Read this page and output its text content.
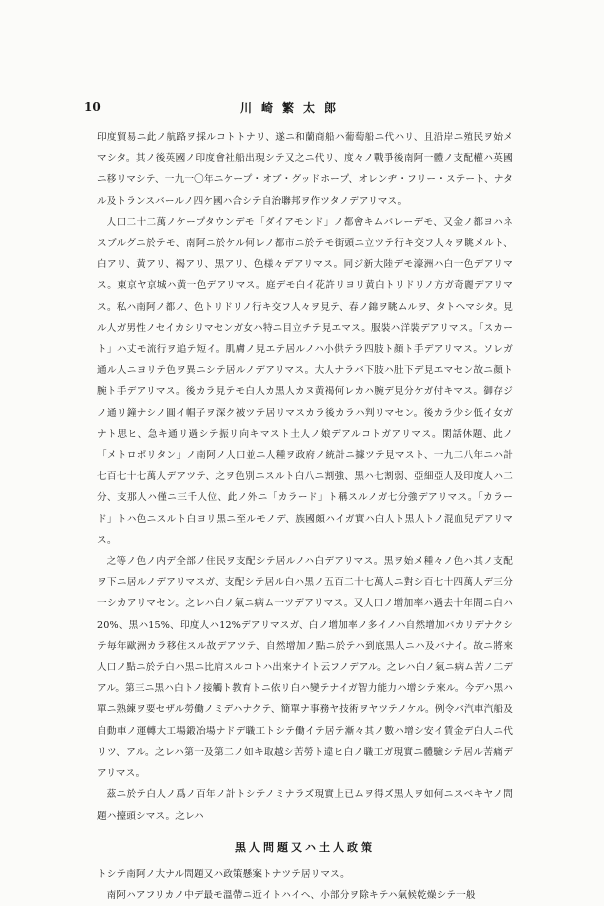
10	川崎繁太郎

印度貿易ニ此ノ航路ヲ採ルコトトナリ、遂ニ和蘭商船ハ葡萄船ニ代ハリ、且沿岸ニ殖民ヲ始メマシタ。其ノ後英國ノ印度會社船出現シテ又之ニ代リ、度々ノ戰爭後南阿一體ノ支配權ハ英國ニ移リマシテ、一九一〇年ニケープ・オブ・グッドホープ、オレンヂ・フリー・ステート、ナタル及トランスバールノ四ケ國ハ合シテ自治聯邦ヲ作ツタノデアリマス。

人口二十二萬ノケープタウンデモ「ダイアモンド」ノ都會キムバレーデモ、又金ノ都ヨハネスブルグニ於テモ、南阿ニ於ケル何レノ都市ニ於テモ街頭ニ立ツテ行キ交フ人々ヲ眺メルト、白アリ、黄アリ、褐アリ、黒アリ、色様々デアリマス。同ジ新大陸デモ濠洲ハ白一色デアリマス。東京ヤ京城ハ黄一色デアリマス。庭デモ白イ花許リヨリ黄白トリドリノ方ガ奇麗デアリマス。私ハ南阿ノ都ノ、色トリドリノ行キ交フ人々ヲ見テ、春ノ錦ヲ眺ムルヲ、タトヘマシタ。見ル人ガ男性ノセイカシリマセンガ女ハ特ニ目立チテ見エマス。服裝ハ洋裝デアリマス。「スカート」ハ丈モ流行ヲ追テ短イ。肌膚ノ見エテ居ルノハ小供テラ四肢ト顏ト手デアリマス。ソレガ通ル人ニヨリテ色ヲ異ニシテ居ルノデアリマス。大人ナラバ下肢ハ肚下デ見エマセン故ニ顏ト腕ト手デアリマス。後カラ見テモ白人カ黒人カヌ黄褐何レカハ腕デ見分ケガ付キマス。御存ジノ通リ鐘ナシノ圓イ帽子ヲ深ク被ツテ居リマスカラ後カラハ判リマセン。後カラ少シ低イ女ガナト思ヒ、急キ通リ過シテ振リ向キマスト土人ノ娘デアルコトガアリマス。閑話休題、此ノ「メトロポリタン」ノ南阿ノ人口並ニ人種ヲ政府ノ統計ニ據ツテ見マスト、一九二八年ニハ計七百七十七萬人デアツテ、之ヲ色別ニスルト白八ニ割強、黒ハ七割弱、亞細亞人及印度人ハ二分、支那人ハ僅ニ三千人位、此ノ外ニ「カラード」ト稱スルノガ七分強デアリマス。「カラード」トハ色ニスルト白ヨリ黒ニ至ルモノデ、族國頗ハイガ實ハ白人ト黒人トノ混血兒デアリマス。

之等ノ色ノ内デ全部ノ住民ヲ支配シテ居ルノハ白デアリマス。黒ヲ始メ種々ノ色ハ其ノ支配ヲ下ニ居ルノデアリマスガ、支配シテ居ル白ハ黒ノ五百二十七萬人ニ對シ百七十四萬人デ三分一シカアリマセン。之レハ白ノ氣ニ病ム一ツデアリマス。又人口ノ增加率ハ過去十年間ニ白ハ20%、黒ハ15%、印度人ハ12%デアリマスガ、白ノ增加率ノ多イノハ自然增加バカリデナクシテ毎年歐洲カラ移住スル故デアツテ、自然增加ノ點ニ於テハ到底黒人ニハ及バナイ。故ニ將來人口ノ點ニ於テ白ハ黒ニ比肩スルコトハ出來ナイト云フノデアル。之レハ白ノ氣ニ病ム苦ノ二デアル。第三ニ黒ハ白トノ接觸ト教育トニ依リ白ハ變テナイガ智力能力ハ增シテ來ル。今デハ黒ハ單ニ熟練ヲ要セザル勞働ノミデハナクテ、簡單ナ事務ヤ技術ヲヤツテノケル。例令バ汽車汽船及自動車ノ運轉大工場鍛冶場ナドデ職工トシテ働イテ居テ漸々其ノ數ハ增シ安イ賃金デ白人ニ代リツ、アル。之レハ第一及第二ノ如キ取越シ苦勞ト違ヒ白ノ職工ガ現實ニ體驗シテ居ル苦痛デアリマス。

茲ニ於テ白人ノ爲ノ百年ノ計トシテノミナラズ現實上已ムヲ得ズ黒人ヲ如何ニスベキヤノ問題ハ擡頭シマス。之レハ

黒人問題又ハ土人政策

トシテ南阿ノ大ナル問題又ハ政策懸案トナツテ居リマス。

南阿ハアフリカノ中デ最モ溫帶ニ近イトハイヘ、小部分ヲ除キテハ氣候乾燥シテ一般
